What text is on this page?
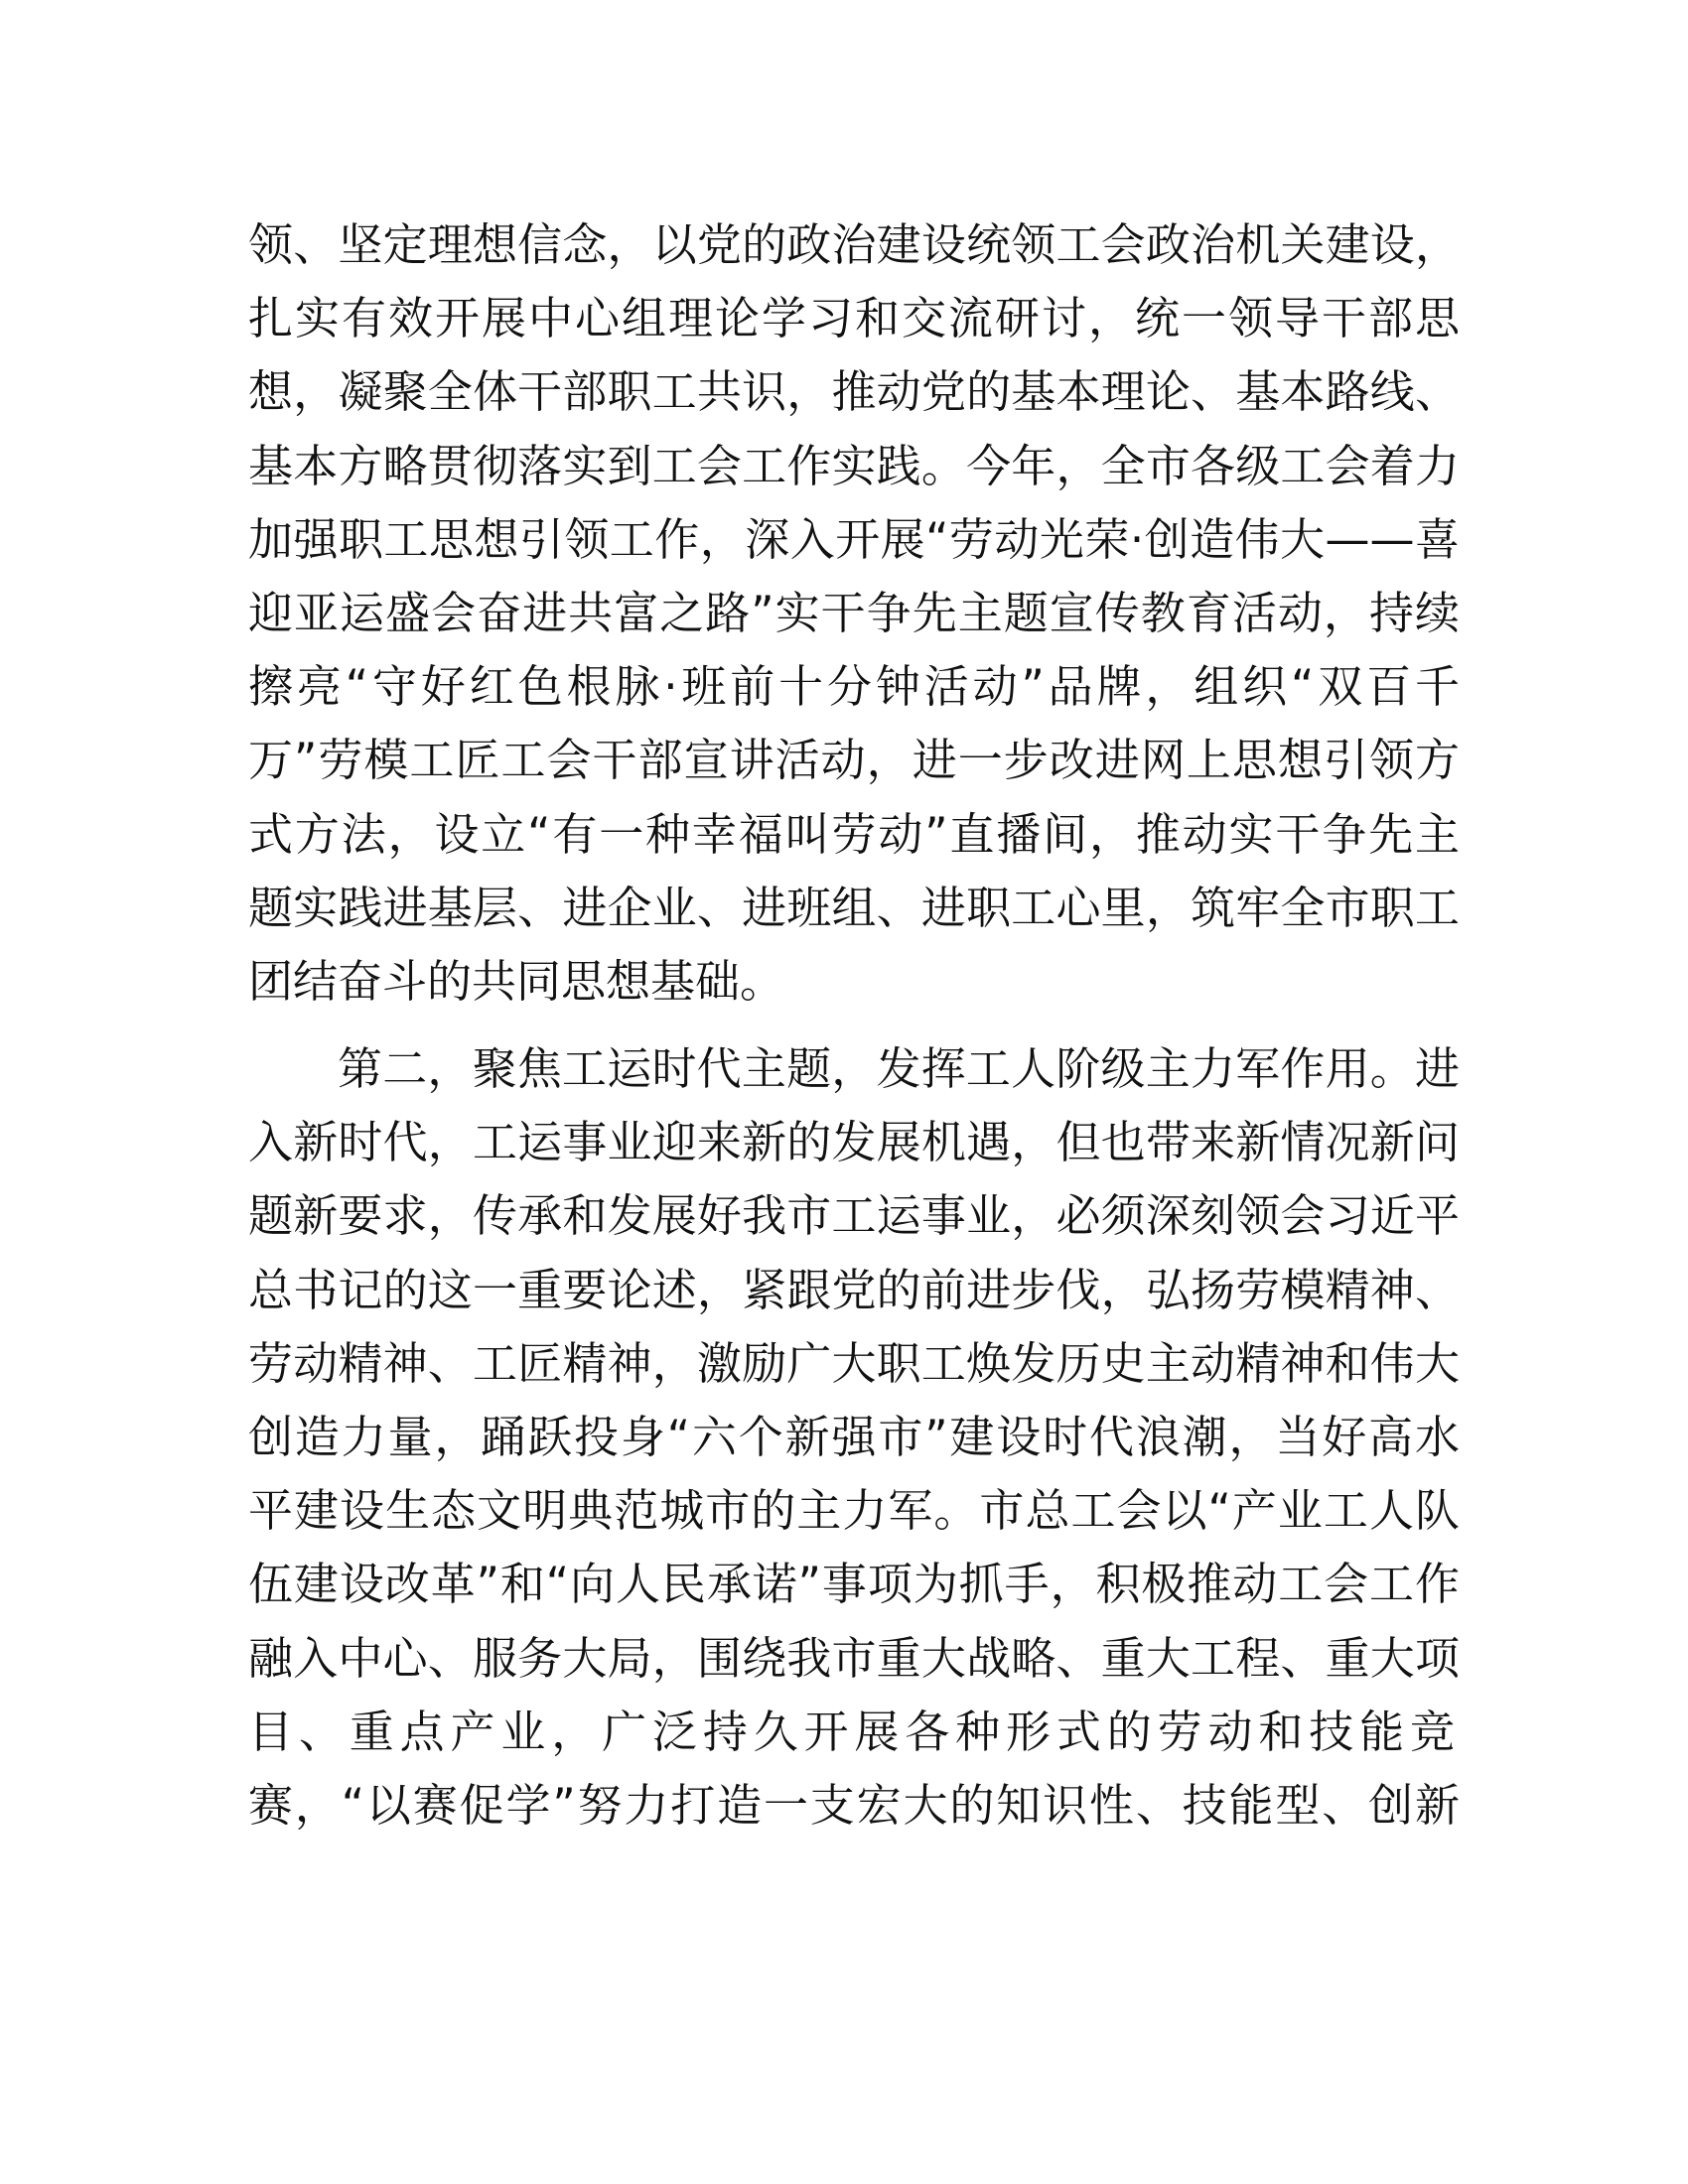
领、坚定理想信念，以党的政治建设统领工会政治机关建设，
扎实有效开展中心组理论学习和交流研讨，统一领导干部思
想，凝聚全体干部职工共识，推动党的基本理论、基本路线、
基本方略贯彻落实到工会工作实践。今年，全市各级工会着力
加强职工思想引领工作，深入开展“劳动光荣·创造伟大——喜
迎亚运盛会奋进共富之路”实干争先主题宣传教育活动，持续
擦亮“守好红色根脉·班前十分钟活动”品牌，组织“双百千
万”劳模工匠工会干部宣讲活动，进一步改进网上思想引领方
式方法，设立“有一种幸福叫劳动”直播间，推动实干争先主
题实践进基层、进企业、进班组、进职工心里，筑牢全市职工
团结奋斗的共同思想基础。
第二，聚焦工运时代主题，发挥工人阶级主力军作用。进
入新时代，工运事业迎来新的发展机遇，但也带来新情况新问
题新要求，传承和发展好我市工运事业，必须深刻领会习近平
总书记的这一重要论述，紧跟党的前进步伐，弘扬劳模精神、
劳动精神、工匠精神，激励广大职工焕发历史主动精神和伟大
创造力量，踊跃投身“六个新强市”建设时代浪潮，当好高水
平建设生态文明典范城市的主力军。市总工会以“产业工人队
伍建设改革”和“向人民承诺”事项为抓手，积极推动工会工作
融入中心、服务大局，围绕我市重大战略、重大工程、重大项
目、重点产业，广泛持久开展各种形式的劳动和技能竞
赛，“以赛促学”努力打造一支宏大的知识性、技能型、创新
